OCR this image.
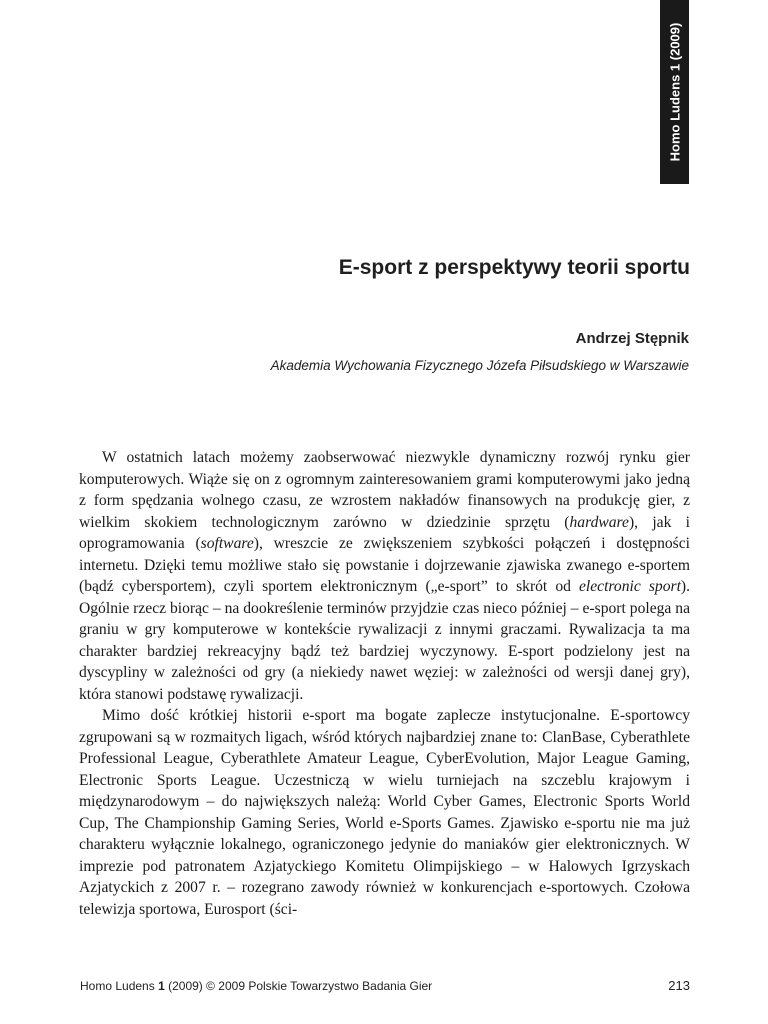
Homo Ludens 1 (2009)
E-sport z perspektywy teorii sportu
Andrzej Stępnik
Akademia Wychowania Fizycznego Józefa Piłsudskiego w Warszawie

W ostatnich latach możemy zaobserwować niezwykle dynamiczny rozwój rynku gier komputerowych. Wiąże się on z ogromnym zainteresowaniem grami komputerowymi jako jedną z form spędzania wolnego czasu, ze wzrostem nakładów finansowych na produkcję gier, z wielkim skokiem technologicznym zarówno w dziedzinie sprzętu (hardware), jak i oprogramowania (software), wreszcie ze zwiększeniem szybkości połączeń i dostępności internetu. Dzięki temu możliwe stało się powstanie i dojrzewanie zjawiska zwanego e-sportem (bądź cybersportem), czyli sportem elektronicznym („e-sport” to skrót od electronic sport). Ogólnie rzecz biorąc – na dookreślenie terminów przyjdzie czas nieco później – e-sport polega na graniu w gry komputerowe w kontekście rywalizacji z innymi graczami. Rywalizacja ta ma charakter bardziej rekreacyjny bądź też bardziej wyczynowy. E-sport podzielony jest na dyscypliny w zależności od gry (a niekiedy nawet węziej: w zależności od wersji danej gry), która stanowi podstawę rywalizacji.

Mimo dość krótkiej historii e-sport ma bogate zaplecze instytucjonalne. E-sportowcy zgrupowani są w rozmaitych ligach, wśród których najbardziej znane to: ClanBase, Cyberathlete Professional League, Cyberathlete Amateur League, CyberEvolution, Major League Gaming, Electronic Sports League. Uczestniczą w wielu turniejach na szczeblu krajowym i międzynarodowym – do największych należą: World Cyber Games, Electronic Sports World Cup, The Championship Gaming Series, World e-Sports Games. Zjawisko e-sportu nie ma już charakteru wyłącznie lokalnego, ograniczonego jedynie do maniaków gier elektronicznych. W imprezie pod patronatem Azjatyckiego Komitetu Olimpijskiego – w Halowych Igrzyskach Azjatyckich z 2007 r. – rozegrano zawody również w konkurencjach e-sportowych. Czołowa telewizja sportowa, Eurosport (ści-

Homo Ludens 1 (2009) © 2009 Polskie Towarzystwo Badania Gier	213
